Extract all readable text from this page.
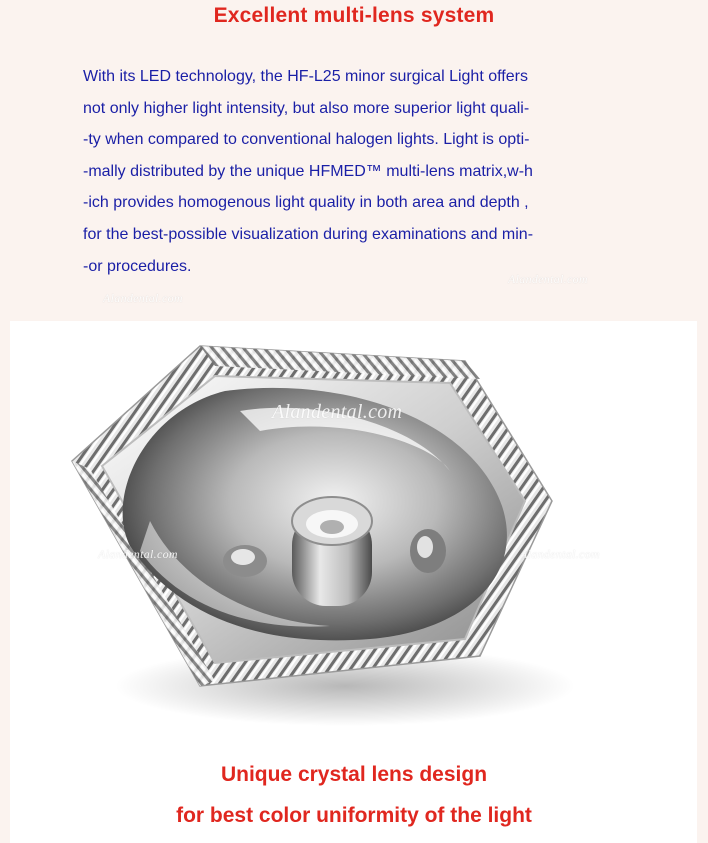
Excellent multi-lens system

With its LED technology, the HF-L25 minor surgical Light offers
not only higher light intensity, but also more superior light quali-
-ty when compared to conventional halogen lights. Light is opti-
-mally distributed by the unique HFMED™ multi-lens matrix,w-h
-ich provides homogenous light quality in both area and depth ,
for the best-possible visualization during examinations and min-
-or procedures.

Alandental.com
Alandental.com
Alandental.com
Alandental.com	Alandental.com
Unique crystal lens design
for best color uniformity of the light
